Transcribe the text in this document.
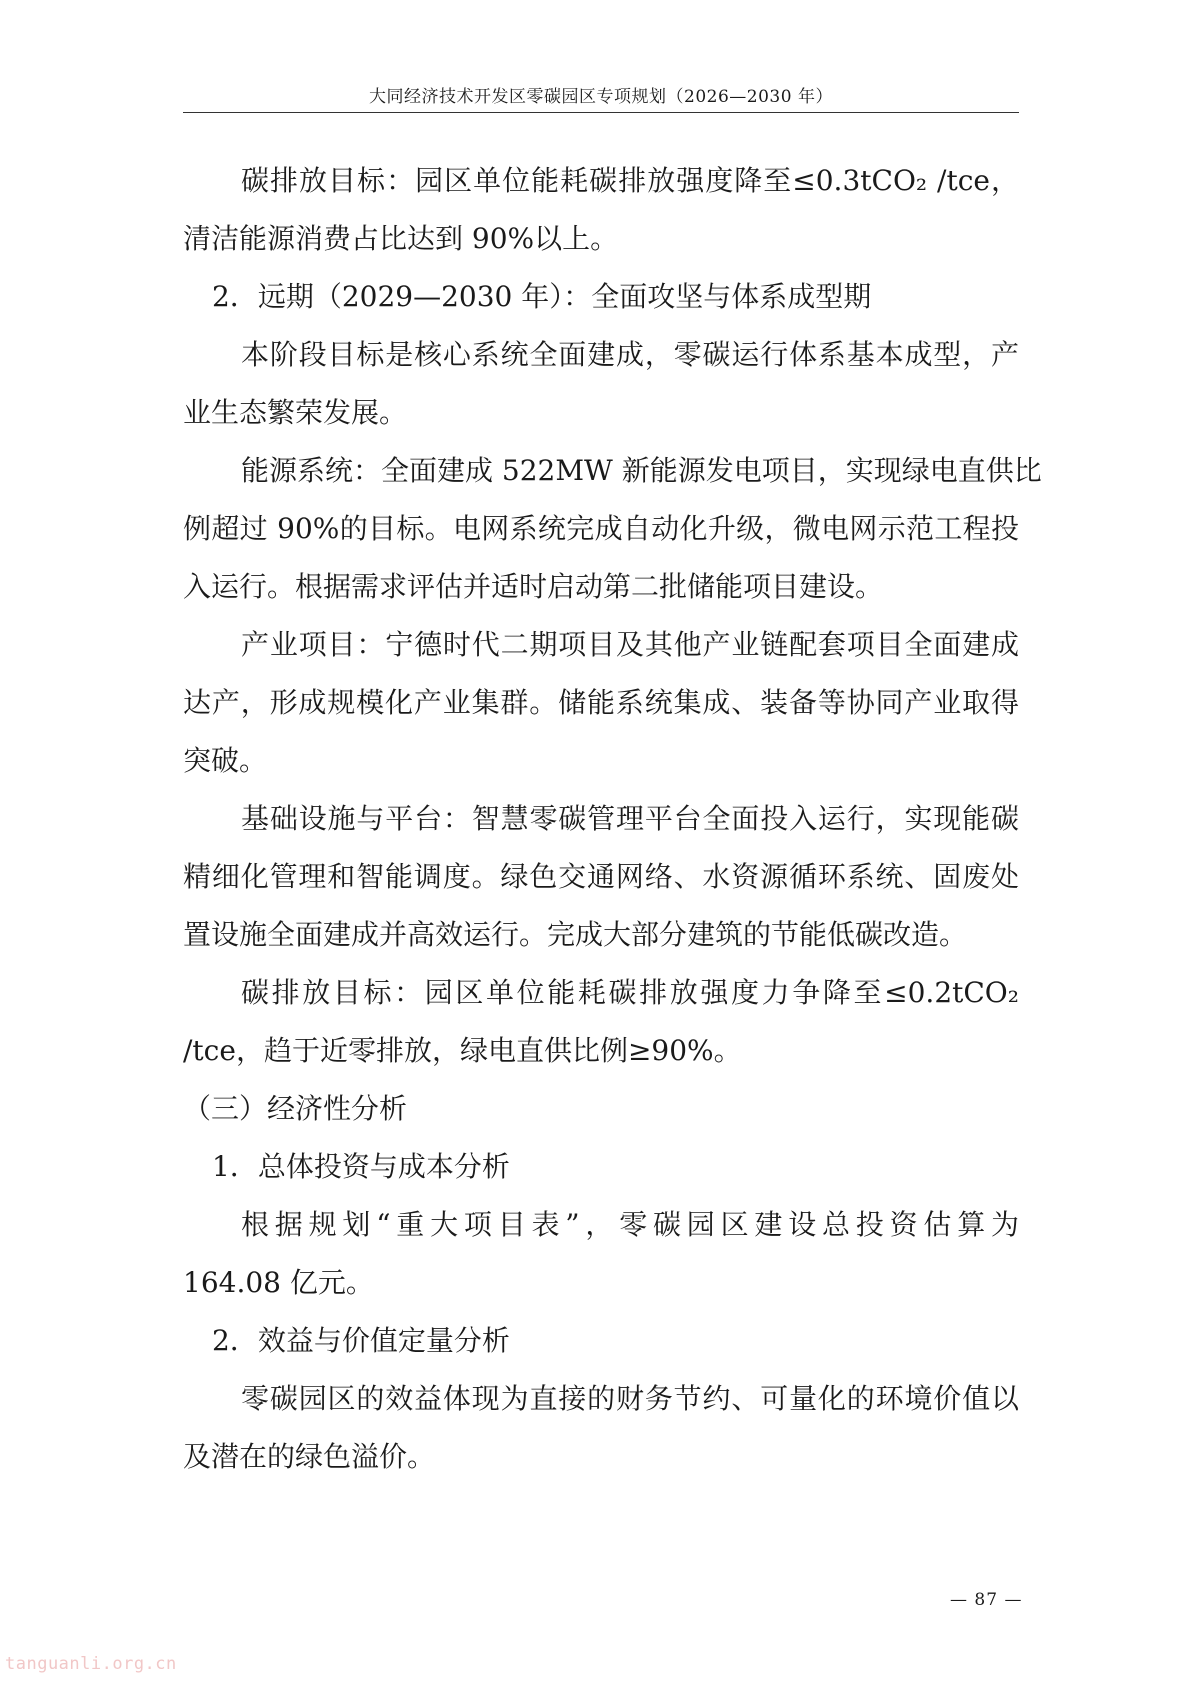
大同经济技术开发区零碳园区专项规划（2026—2030 年）
碳排放目标：园区单位能耗碳排放强度降至≤0.3tCO₂ /tce，
清洁能源消费占比达到 90%以上。
2．远期（2029—2030 年）：全面攻坚与体系成型期
本阶段目标是核心系统全面建成，零碳运行体系基本成型，产
业生态繁荣发展。
能源系统：全面建成 522MW 新能源发电项目，实现绿电直供比
例超过 90%的目标。电网系统完成自动化升级，微电网示范工程投
入运行。根据需求评估并适时启动第二批储能项目建设。
产业项目：宁德时代二期项目及其他产业链配套项目全面建成
达产，形成规模化产业集群。储能系统集成、装备等协同产业取得
突破。
基础设施与平台：智慧零碳管理平台全面投入运行，实现能碳
精细化管理和智能调度。绿色交通网络、水资源循环系统、固废处
置设施全面建成并高效运行。完成大部分建筑的节能低碳改造。
碳排放目标：园区单位能耗碳排放强度力争降至≤0.2tCO₂
/tce，趋于近零排放，绿电直供比例≥90%。
（三）经济性分析
1．总体投资与成本分析
根据规划“重大项目表”，零碳园区建设总投资估算为
164.08 亿元。
2．效益与价值定量分析
零碳园区的效益体现为直接的财务节约、可量化的环境价值以
及潜在的绿色溢价。
— 87 —
tanguanli.org.cn
